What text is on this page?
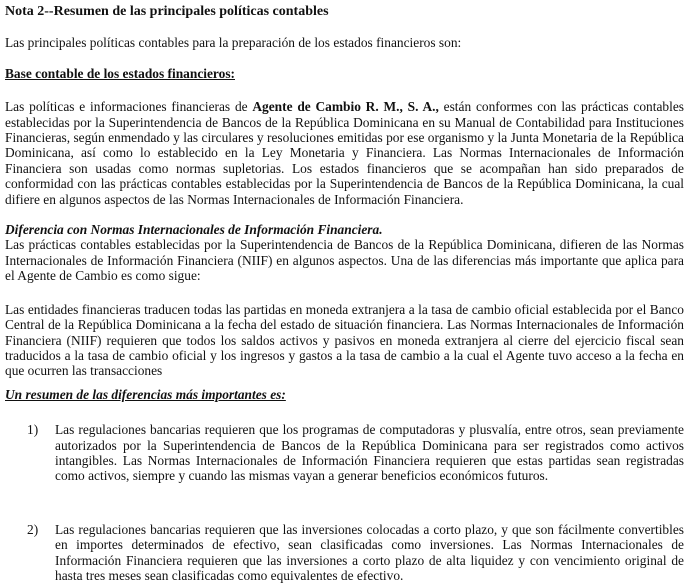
Nota 2--Resumen de las principales políticas contables

Las principales políticas contables para la preparación de los estados financieros son:

Base contable de los estados financieros:

Las políticas e informaciones financieras de Agente de Cambio R. M., S. A., están conformes con las prácticas contables establecidas por la Superintendencia de Bancos de la República Dominicana en su Manual de Contabilidad para Instituciones Financieras, según enmendado y las circulares y resoluciones emitidas por ese organismo y la Junta Monetaria de la República Dominicana, así como lo establecido en la Ley Monetaria y Financiera. Las Normas Internacionales de Información Financiera son usadas como normas supletorias. Los estados financieros que se acompañan han sido preparados de conformidad con las prácticas contables establecidas por la Superintendencia de Bancos de la República Dominicana, la cual difiere en algunos aspectos de las Normas Internacionales de Información Financiera.

Diferencia con Normas Internacionales de Información Financiera.

Las prácticas contables establecidas por la Superintendencia de Bancos de la República Dominicana, difieren de las Normas Internacionales de Información Financiera (NIIF) en algunos aspectos. Una de las diferencias más importante que aplica para el Agente de Cambio es como sigue:

Las entidades financieras traducen todas las partidas en moneda extranjera a la tasa de cambio oficial establecida por el Banco Central de la República Dominicana a la fecha del estado de situación financiera. Las Normas Internacionales de Información Financiera (NIIF) requieren que todos los saldos activos y pasivos en moneda extranjera al cierre del ejercicio fiscal sean traducidos a la tasa de cambio oficial y los ingresos y gastos a la tasa de cambio a la cual el Agente tuvo acceso a la fecha en que ocurren las transacciones

Un resumen de las diferencias más importantes es:
1) Las regulaciones bancarias requieren que los programas de computadoras y plusvalía, entre otros, sean previamente autorizados por la Superintendencia de Bancos de la República Dominicana para ser registrados como activos intangibles. Las Normas Internacionales de Información Financiera requieren que estas partidas sean registradas como activos, siempre y cuando las mismas vayan a generar beneficios económicos futuros.
2) Las regulaciones bancarias requieren que las inversiones colocadas a corto plazo, y que son fácilmente convertibles en importes determinados de efectivo, sean clasificadas como inversiones. Las Normas Internacionales de Información Financiera requieren que las inversiones a corto plazo de alta liquidez y con vencimiento original de hasta tres meses sean clasificadas como equivalentes de efectivo.
